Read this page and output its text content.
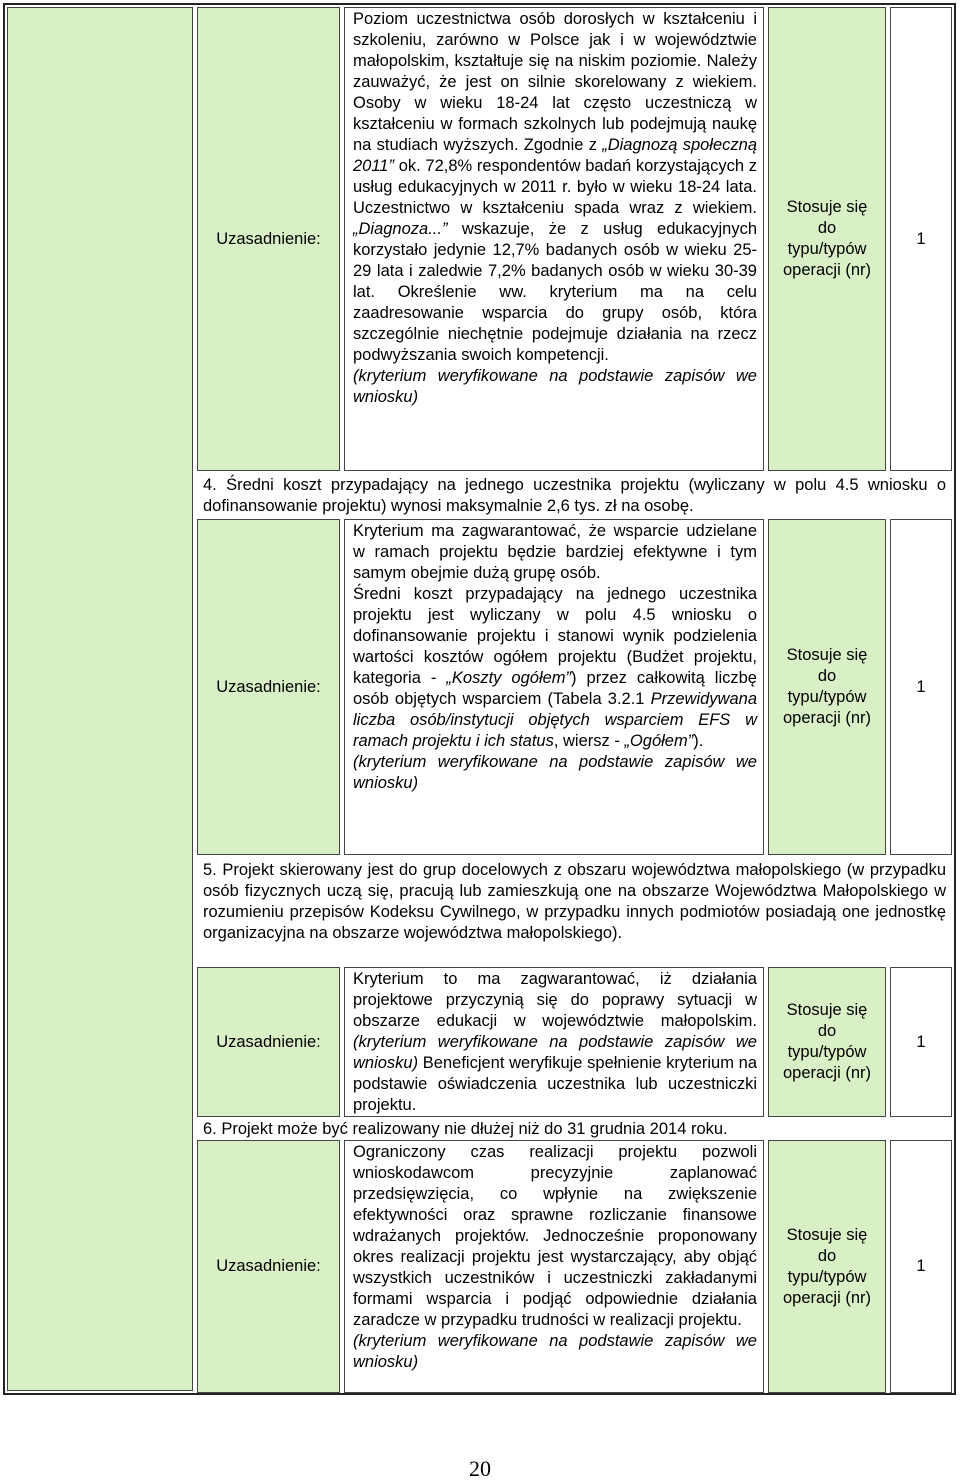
Uzasadnienie:

Poziom uczestnictwa osób dorosłych w kształceniu i szkoleniu, zarówno w Polsce jak i w województwie małopolskim, kształtuje się na niskim poziomie. Należy zauważyć, że jest on silnie skorelowany z wiekiem. Osoby w wieku 18-24 lat często uczestniczą w kształceniu w formach szkolnych lub podejmują naukę na studiach wyższych. Zgodnie z „Diagnozą społeczną 2011” ok. 72,8% respondentów badań korzystających z usług edukacyjnych w 2011 r. było w wieku 18-24 lata. Uczestnictwo w kształceniu spada wraz z wiekiem. „Diagnoza...” wskazuje, że z usług edukacyjnych korzystało jedynie 12,7% badanych osób w wieku 25-29 lata i zaledwie 7,2% badanych osób w wieku 30-39 lat. Określenie ww. kryterium ma na celu zaadresowanie wsparcia do grupy osób, która szczególnie niechętnie podejmuje działania na rzecz podwyższania swoich kompetencji.

(kryterium weryfikowane na podstawie zapisów we wniosku)

Stosuje się
do
typu/typów
operacji (nr)
1
4. Średni koszt przypadający na jednego uczestnika projektu (wyliczany w polu 4.5 wniosku o dofinansowanie projektu) wynosi maksymalnie 2,6 tys. zł na osobę.
Uzasadnienie:

Kryterium ma zagwarantować, że wsparcie udzielane w ramach projektu będzie bardziej efektywne i tym samym obejmie dużą grupę osób.

Średni koszt przypadający na jednego uczestnika projektu jest wyliczany w polu 4.5 wniosku o dofinansowanie projektu i stanowi wynik podzielenia wartości kosztów ogółem projektu (Budżet projektu, kategoria - „Koszty ogółem”) przez całkowitą liczbę osób objętych wsparciem (Tabela 3.2.1 Przewidywana liczba osób/instytucji objętych wsparciem EFS w ramach projektu i ich status, wiersz - „Ogółem”).

(kryterium weryfikowane na podstawie zapisów we wniosku)

Stosuje się
do
typu/typów
operacji (nr)
1
5. Projekt skierowany jest do grup docelowych z obszaru województwa małopolskiego (w przypadku osób fizycznych uczą się, pracują lub zamieszkują one na obszarze Województwa Małopolskiego w rozumieniu przepisów Kodeksu Cywilnego, w przypadku innych podmiotów posiadają one jednostkę organizacyjna na obszarze województwa małopolskiego).
Uzasadnienie:

Kryterium to ma zagwarantować, iż działania projektowe przyczynią się do poprawy sytuacji w obszarze edukacji w województwie małopolskim. (kryterium weryfikowane na podstawie zapisów we wniosku) Beneficjent weryfikuje spełnienie kryterium na podstawie oświadczenia uczestnika lub uczestniczki projektu.

Stosuje się
do
typu/typów
operacji (nr)
1
6. Projekt może być realizowany nie dłużej niż do 31 grudnia 2014 roku.
Uzasadnienie:

Ograniczony czas realizacji projektu pozwoli wnioskodawcom precyzyjnie zaplanować przedsięwzięcia, co wpłynie na zwiększenie efektywności oraz sprawne rozliczanie finansowe wdrażanych projektów. Jednocześnie proponowany okres realizacji projektu jest wystarczający, aby objąć wszystkich uczestników i uczestniczki zakładanymi formami wsparcia i podjąć odpowiednie działania zaradcze w przypadku trudności w realizacji projektu.

(kryterium weryfikowane na podstawie zapisów we wniosku)

Stosuje się
do
typu/typów
operacji (nr)
1
20
